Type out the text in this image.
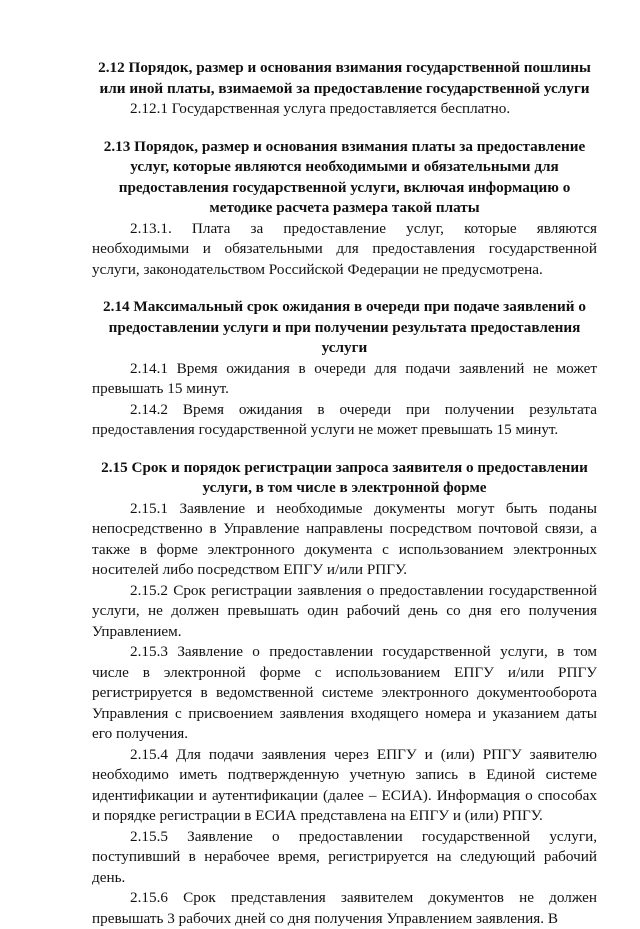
2.12 Порядок, размер и основания взимания государственной пошлины или иной платы, взимаемой за предоставление государственной услуги

2.12.1 Государственная услуга предоставляется бесплатно.

2.13 Порядок, размер и основания взимания платы за предоставление услуг, которые являются необходимыми и обязательными для предоставления государственной услуги, включая информацию о методике расчета размера такой платы

2.13.1. Плата за предоставление услуг, которые являются необходимыми и обязательными для предоставления государственной услуги, законодательством Российской Федерации не предусмотрена.

2.14 Максимальный срок ожидания в очереди при подаче заявлений о предоставлении услуги и при получении результата предоставления услуги

2.14.1 Время ожидания в очереди для подачи заявлений не может превышать 15 минут.

2.14.2 Время ожидания в очереди при получении результата предоставления государственной услуги не может превышать 15 минут.

2.15 Срок и порядок регистрации запроса заявителя о предоставлении услуги, в том числе в электронной форме

2.15.1 Заявление и необходимые документы могут быть поданы непосредственно в Управление направлены посредством почтовой связи, а также в форме электронного документа с использованием электронных носителей либо посредством ЕПГУ и/или РПГУ.

2.15.2 Срок регистрации заявления о предоставлении государственной услуги, не должен превышать один рабочий день со дня его получения Управлением.

2.15.3 Заявление о предоставлении государственной услуги, в том числе в электронной форме с использованием ЕПГУ и/или РПГУ регистрируется в ведомственной системе электронного документооборота Управления с присвоением заявления входящего номера и указанием даты его получения.

2.15.4 Для подачи заявления через ЕПГУ и (или) РПГУ заявителю необходимо иметь подтвержденную учетную запись в Единой системе идентификации и аутентификации (далее – ЕСИА). Информация о способах и порядке регистрации в ЕСИА представлена на ЕПГУ и (или) РПГУ.

2.15.5 Заявление о предоставлении государственной услуги, поступивший в нерабочее время, регистрируется на следующий рабочий день.

2.15.6 Срок представления заявителем документов не должен превышать 3 рабочих дней со дня получения Управлением заявления. В
